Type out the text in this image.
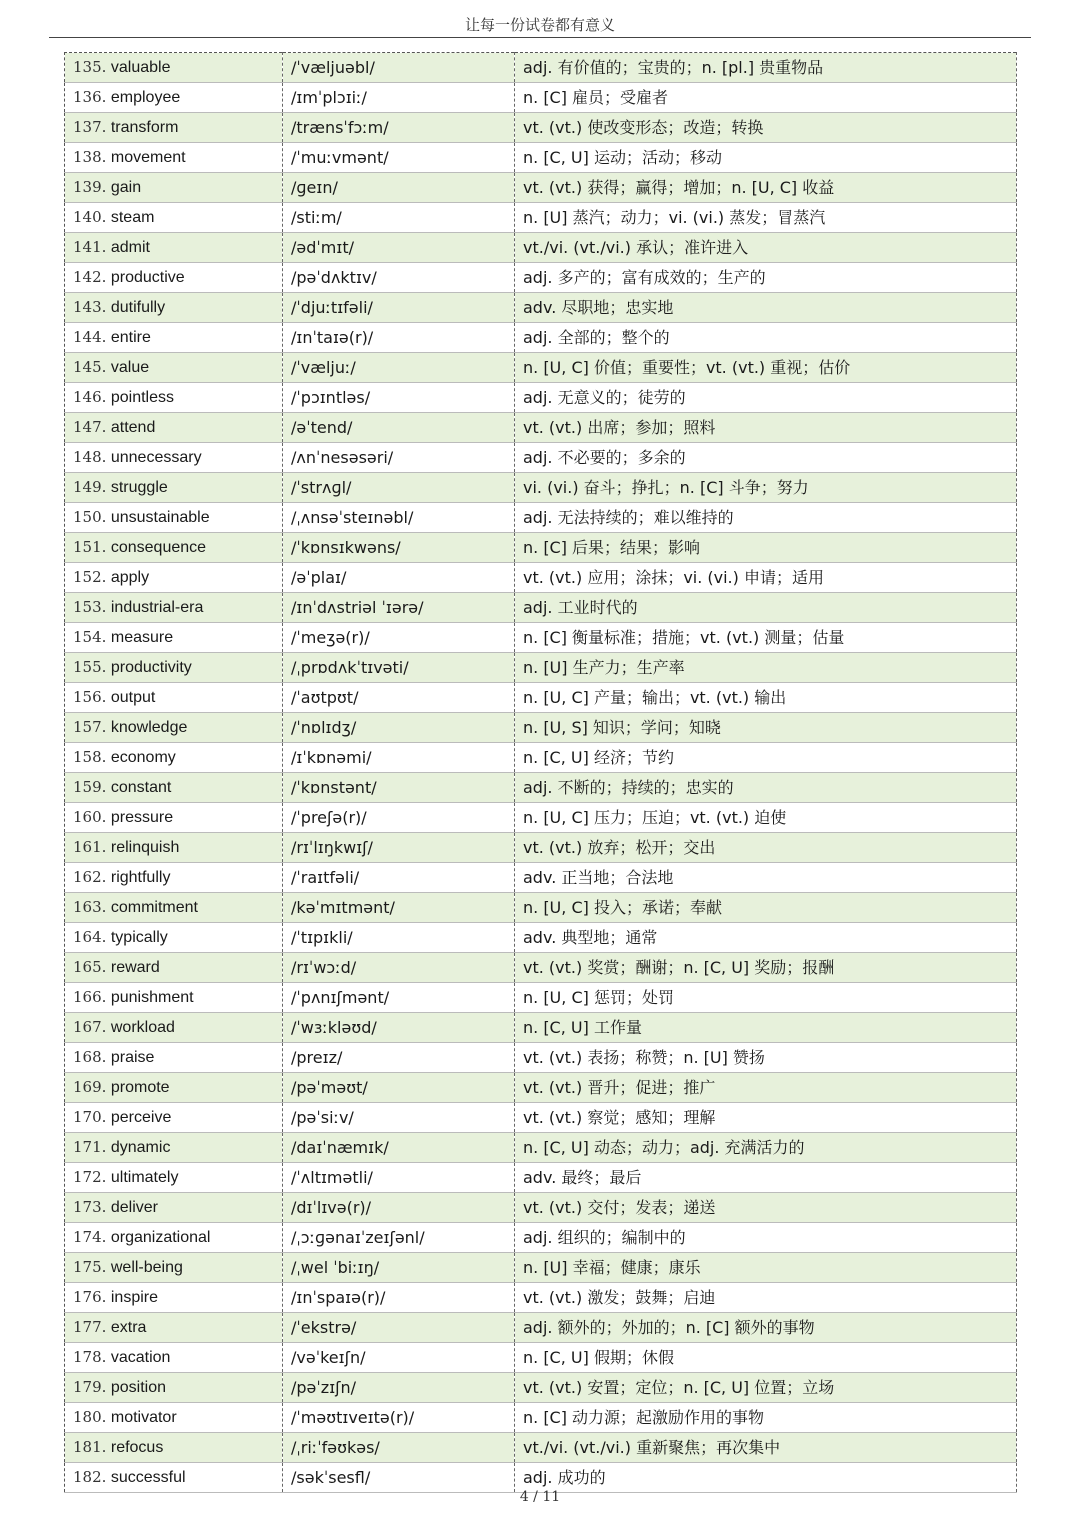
让每一份试卷都有意义
135. valuable	/ˈvæljuəbl/	adj. 有价值的；宝贵的；n. [pl.] 贵重物品
136. employee	/ɪmˈplɔɪiː/	n. [C] 雇员；受雇者
137. transform	/trænsˈfɔːm/	vt. (vt.) 使改变形态；改造；转换
138. movement	/ˈmuːvmənt/	n. [C, U] 运动；活动；移动
139. gain	/ɡeɪn/	vt. (vt.) 获得；赢得；增加；n. [U, C] 收益
140. steam	/stiːm/	n. [U] 蒸汽；动力；vi. (vi.) 蒸发；冒蒸汽
141. admit	/ədˈmɪt/	vt./vi. (vt./vi.) 承认；准许进入
142. productive	/pəˈdʌktɪv/	adj. 多产的；富有成效的；生产的
143. dutifully	/ˈdjuːtɪfəli/	adv. 尽职地；忠实地
144. entire	/ɪnˈtaɪə(r)/	adj. 全部的；整个的
145. value	/ˈvæljuː/	n. [U, C] 价值；重要性；vt. (vt.) 重视；估价
146. pointless	/ˈpɔɪntləs/	adj. 无意义的；徒劳的
147. attend	/əˈtend/	vt. (vt.) 出席；参加；照料
148. unnecessary	/ʌnˈnesəsəri/	adj. 不必要的；多余的
149. struggle	/ˈstrʌɡl/	vi. (vi.) 奋斗；挣扎；n. [C] 斗争；努力
150. unsustainable	/ˌʌnsəˈsteɪnəbl/	adj. 无法持续的；难以维持的
151. consequence	/ˈkɒnsɪkwəns/	n. [C] 后果；结果；影响
152. apply	/əˈplaɪ/	vt. (vt.) 应用；涂抹；vi. (vi.) 申请；适用
153. industrial-era	/ɪnˈdʌstriəl ˈɪərə/	adj. 工业时代的
154. measure	/ˈmeʒə(r)/	n. [C] 衡量标准；措施；vt. (vt.) 测量；估量
155. productivity	/ˌprɒdʌkˈtɪvəti/	n. [U] 生产力；生产率
156. output	/ˈaʊtpʊt/	n. [U, C] 产量；输出；vt. (vt.) 输出
157. knowledge	/ˈnɒlɪdʒ/	n. [U, S] 知识；学问；知晓
158. economy	/ɪˈkɒnəmi/	n. [C, U] 经济；节约
159. constant	/ˈkɒnstənt/	adj. 不断的；持续的；忠实的
160. pressure	/ˈpreʃə(r)/	n. [U, C] 压力；压迫；vt. (vt.) 迫使
161. relinquish	/rɪˈlɪŋkwɪʃ/	vt. (vt.) 放弃；松开；交出
162. rightfully	/ˈraɪtfəli/	adv. 正当地；合法地
163. commitment	/kəˈmɪtmənt/	n. [U, C] 投入；承诺；奉献
164. typically	/ˈtɪpɪkli/	adv. 典型地；通常
165. reward	/rɪˈwɔːd/	vt. (vt.) 奖赏；酬谢；n. [C, U] 奖励；报酬
166. punishment	/ˈpʌnɪʃmənt/	n. [U, C] 惩罚；处罚
167. workload	/ˈwɜːkləʊd/	n. [C, U] 工作量
168. praise	/preɪz/	vt. (vt.) 表扬；称赞；n. [U] 赞扬
169. promote	/pəˈməʊt/	vt. (vt.) 晋升；促进；推广
170. perceive	/pəˈsiːv/	vt. (vt.) 察觉；感知；理解
171. dynamic	/daɪˈnæmɪk/	n. [C, U] 动态；动力；adj. 充满活力的
172. ultimately	/ˈʌltɪmətli/	adv. 最终；最后
173. deliver	/dɪˈlɪvə(r)/	vt. (vt.) 交付；发表；递送
174. organizational	/ˌɔːɡənaɪˈzeɪʃənl/	adj. 组织的；编制中的
175. well-being	/ˌwel ˈbiːɪŋ/	n. [U] 幸福；健康；康乐
176. inspire	/ɪnˈspaɪə(r)/	vt. (vt.) 激发；鼓舞；启迪
177. extra	/ˈekstrə/	adj. 额外的；外加的；n. [C] 额外的事物
178. vacation	/vəˈkeɪʃn/	n. [C, U] 假期；休假
179. position	/pəˈzɪʃn/	vt. (vt.) 安置；定位；n. [C, U] 位置；立场
180. motivator	/ˈməʊtɪveɪtə(r)/	n. [C] 动力源；起激励作用的事物
181. refocus	/ˌriːˈfəʊkəs/	vt./vi. (vt./vi.) 重新聚焦；再次集中
182. successful	/səkˈsesfl/	adj. 成功的
4 / 11
